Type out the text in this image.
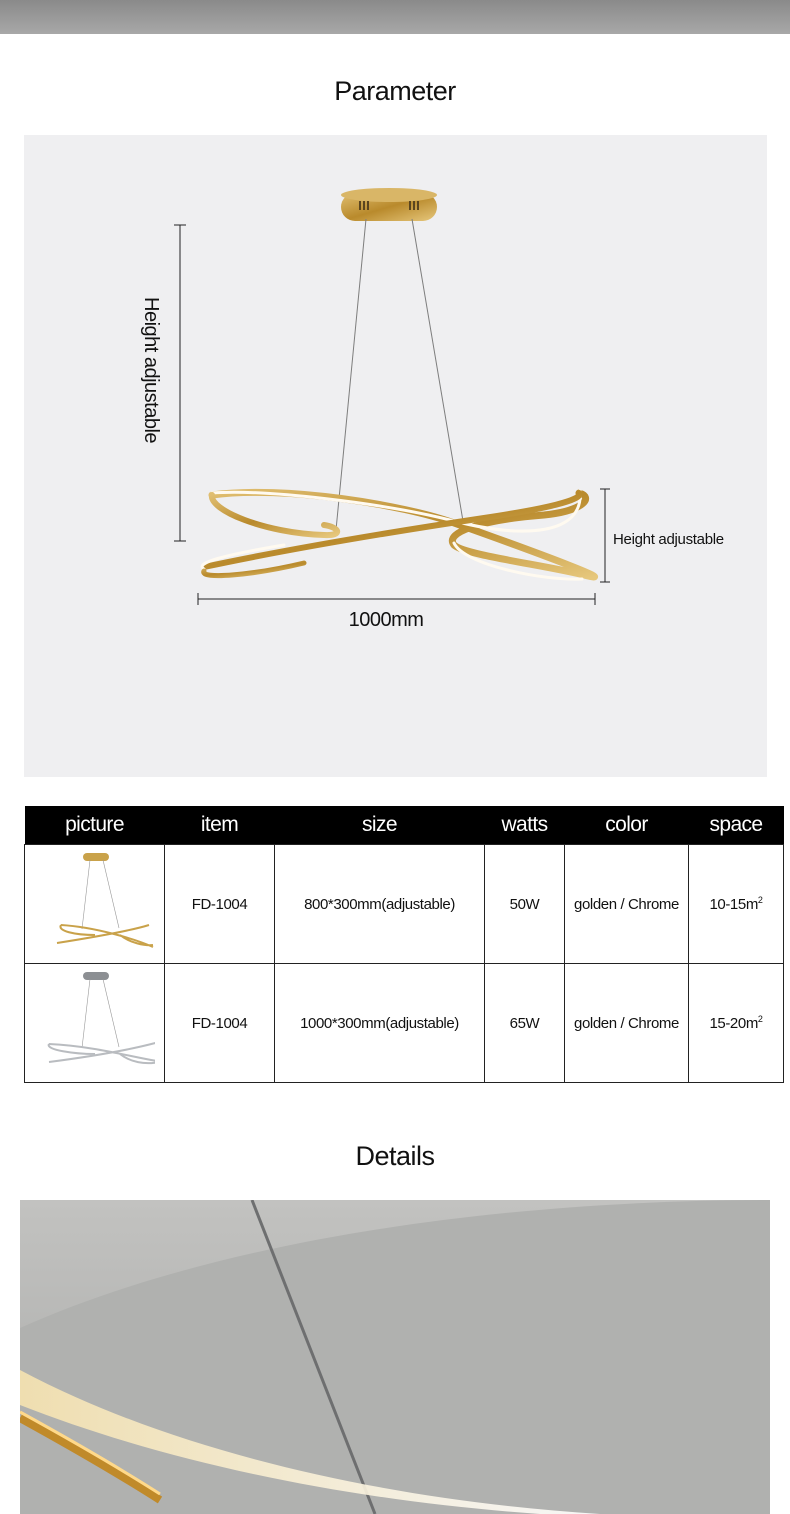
Parameter
Height adjustable
Height adjustable
1000mm
picture	item	size	watts	color	space
	FD-1004	800*300mm(adjustable)	50W	golden / Chrome	$10-15m^2$
	FD-1004	1000*300mm(adjustable)	65W	golden / Chrome	$15-20m^2$
Details
